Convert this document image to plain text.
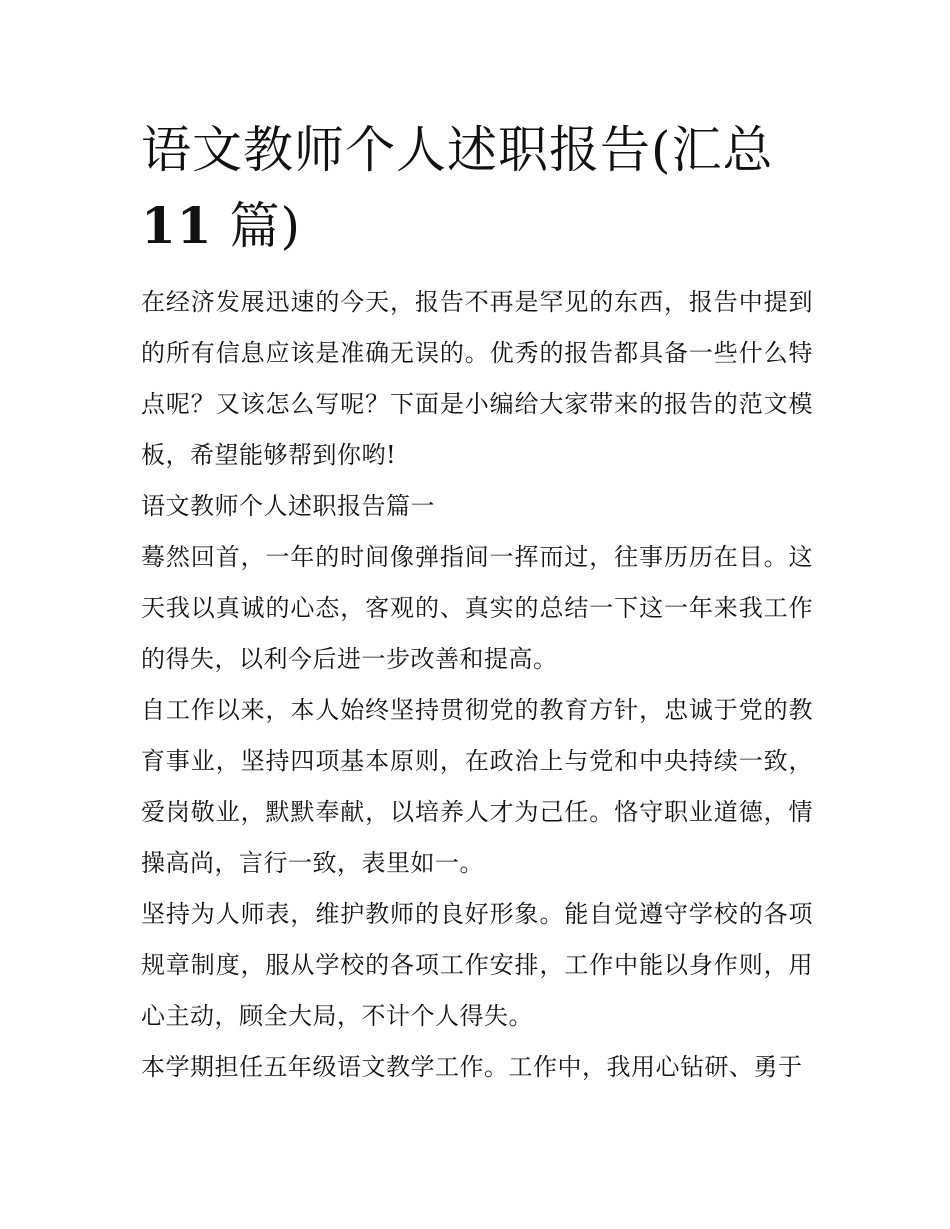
语文教师个人述职报告(汇总
11 篇)

在经济发展迅速的今天，报告不再是罕见的东西，报告中提到的所有信息应该是准确无误的。优秀的报告都具备一些什么特点呢？又该怎么写呢？下面是小编给大家带来的报告的范文模板，希望能够帮到你哟!

语文教师个人述职报告篇一

蓦然回首，一年的时间像弹指间一挥而过，往事历历在目。这天我以真诚的心态，客观的、真实的总结一下这一年来我工作的得失，以利今后进一步改善和提高。

自工作以来，本人始终坚持贯彻党的教育方针，忠诚于党的教育事业，坚持四项基本原则，在政治上与党和中央持续一致，爱岗敬业，默默奉献，以培养人才为己任。恪守职业道德，情操高尚，言行一致，表里如一。

坚持为人师表，维护教师的良好形象。能自觉遵守学校的各项规章制度，服从学校的各项工作安排，工作中能以身作则，用心主动，顾全大局，不计个人得失。

本学期担任五年级语文教学工作。工作中，我用心钻研、勇于
